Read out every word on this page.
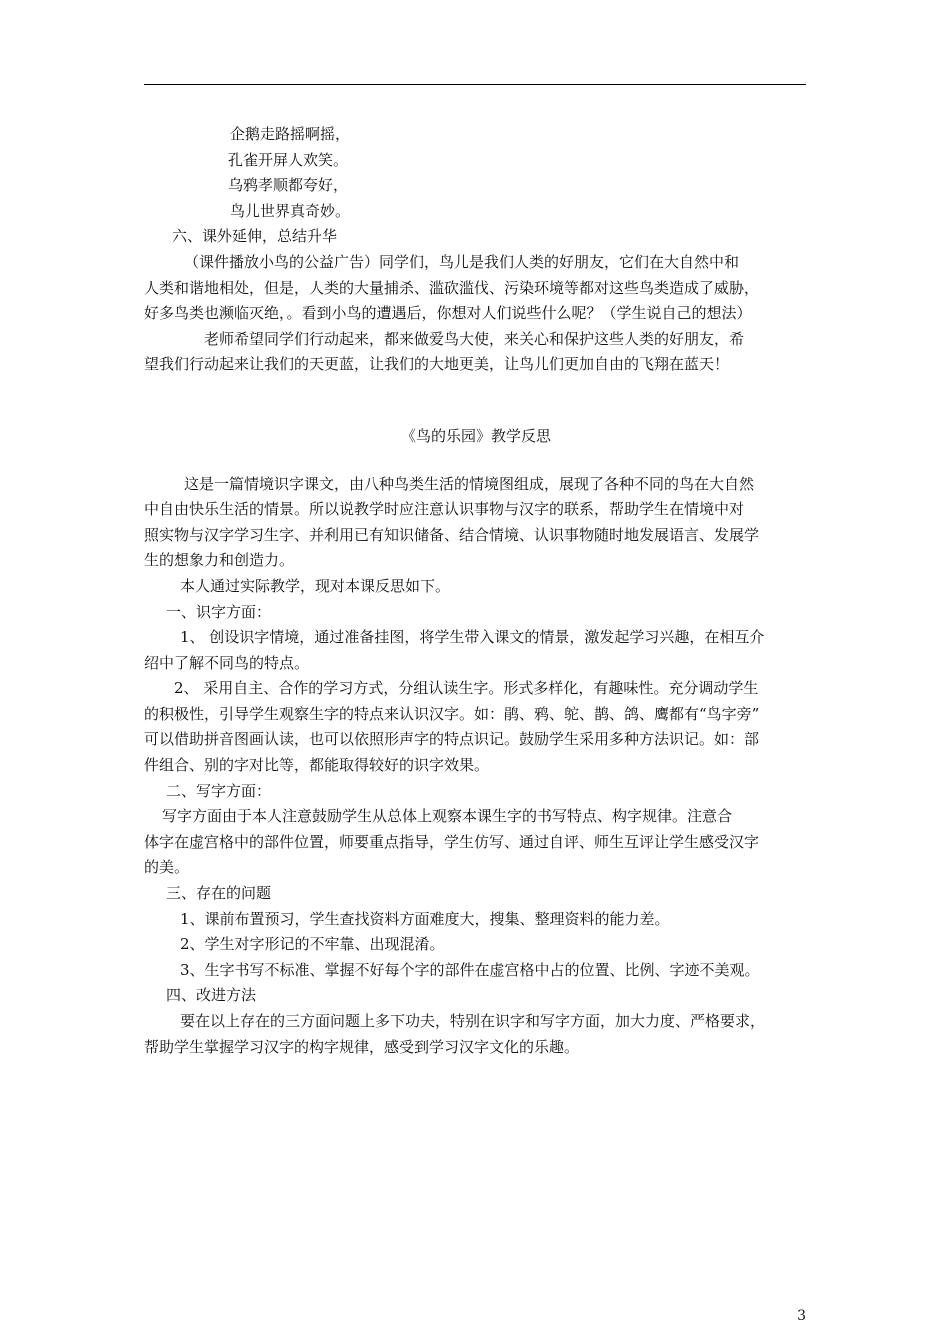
企鹅走路摇啊摇，
孔雀开屏人欢笑。
乌鸦孝顺都夸好，
鸟儿世界真奇妙。
六、课外延伸，总结升华
（课件播放小鸟的公益广告）同学们，鸟儿是我们人类的好朋友，它们在大自然中和
人类和谐地相处，但是，人类的大量捕杀、滥砍滥伐、污染环境等都对这些鸟类造成了威胁，
好多鸟类也濒临灭绝，。看到小鸟的遭遇后，你想对人们说些什么呢？（学生说自己的想法）
老师希望同学们行动起来，都来做爱鸟大使，来关心和保护这些人类的好朋友，希
望我们行动起来让我们的天更蓝，让我们的大地更美，让鸟儿们更加自由的飞翔在蓝天！
《鸟的乐园》教学反思
这是一篇情境识字课文，由八种鸟类生活的情境图组成，展现了各种不同的鸟在大自然
中自由快乐生活的情景。所以说教学时应注意认识事物与汉字的联系，帮助学生在情境中对
照实物与汉字学习生字、并利用已有知识储备、结合情境、认识事物随时地发展语言、发展学
生的想象力和创造力。
本人通过实际教学，现对本课反思如下。
一、识字方面：
1、 创设识字情境，通过准备挂图，将学生带入课文的情景，激发起学习兴趣，在相互介
绍中了解不同鸟的特点。
2、 采用自主、合作的学习方式，分组认读生字。形式多样化，有趣味性。充分调动学生
的积极性，引导学生观察生字的特点来认识汉字。如：鹃、鸦、鸵、鹊、鸽、鹰都有“鸟字旁”
可以借助拼音图画认读，也可以依照形声字的特点识记。鼓励学生采用多种方法识记。如：部
件组合、别的字对比等，都能取得较好的识字效果。
二、写字方面：
写字方面由于本人注意鼓励学生从总体上观察本课生字的书写特点、构字规律。注意合
体字在虚宫格中的部件位置，师要重点指导，学生仿写、通过自评、师生互评让学生感受汉字
的美。
三、存在的问题
1、课前布置预习，学生查找资料方面难度大，搜集、整理资料的能力差。
2、学生对字形记的不牢靠、出现混淆。
3、生字书写不标准、掌握不好每个字的部件在虚宫格中占的位置、比例、字迹不美观。
四、改进方法
要在以上存在的三方面问题上多下功夫，特别在识字和写字方面，加大力度、严格要求，
帮助学生掌握学习汉字的构字规律，感受到学习汉字文化的乐趣。
3
